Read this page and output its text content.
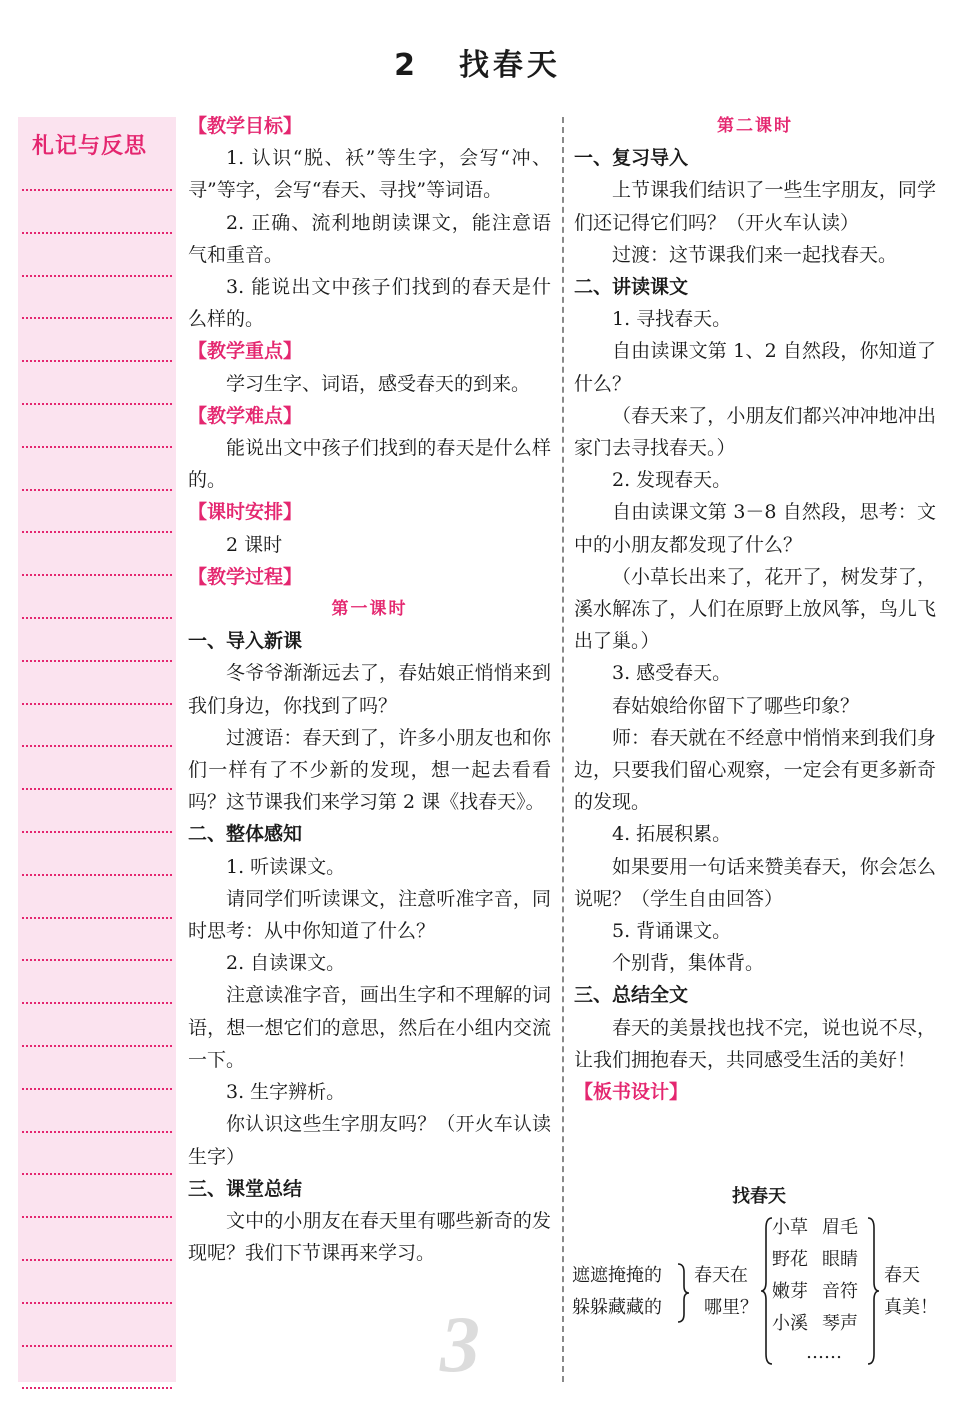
2 找春天
札记与反思

【教学目标】

1. 认识“脱、袄”等生字，会写“冲、寻”等字，会写“春天、寻找”等词语。

2. 正确、流利地朗读课文，能注意语气和重音。

3. 能说出文中孩子们找到的春天是什么样的。

【教学重点】

学习生字、词语，感受春天的到来。

【教学难点】

能说出文中孩子们找到的春天是什么样的。

【课时安排】

2 课时

【教学过程】

第一课时

一、导入新课

冬爷爷渐渐远去了，春姑娘正悄悄来到我们身边，你找到了吗？

过渡语：春天到了，许多小朋友也和你们一样有了不少新的发现，想一起去看看吗？这节课我们来学习第 2 课《找春天》。

二、整体感知

1. 听读课文。

请同学们听读课文，注意听准字音，同时思考：从中你知道了什么？

2. 自读课文。

注意读准字音，画出生字和不理解的词语，想一想它们的意思，然后在小组内交流一下。

3. 生字辨析。

你认识这些生字朋友吗？（开火车认读生字）

三、课堂总结

文中的小朋友在春天里有哪些新奇的发现呢？我们下节课再来学习。

第二课时

一、复习导入

上节课我们结识了一些生字朋友，同学们还记得它们吗？（开火车认读）

过渡：这节课我们来一起找春天。

二、讲读课文

1. 寻找春天。

自由读课文第 1、2 自然段，你知道了什么？

（春天来了，小朋友们都兴冲冲地冲出家门去寻找春天。）

2. 发现春天。

自由读课文第 3－8 自然段，思考：文中的小朋友都发现了什么？

（小草长出来了，花开了，树发芽了，溪水解冻了，人们在原野上放风筝，鸟儿飞出了巢。）

3. 感受春天。

春姑娘给你留下了哪些印象？

师：春天就在不经意中悄悄来到我们身边，只要我们留心观察，一定会有更多新奇的发现。

4. 拓展积累。

如果要用一句话来赞美春天，你会怎么说呢？（学生自由回答）

5. 背诵课文。

个别背，集体背。

三、总结全文

春天的美景找也找不完，说也说不尽，让我们拥抱春天，共同感受生活的美好！

【板书设计】

找春天
遮遮掩掩的
躲躲藏藏的
春天在
哪里？
小草 眉毛
野花 眼睛
嫩芽 音符
小溪 琴声
……
春天
真美！
3
